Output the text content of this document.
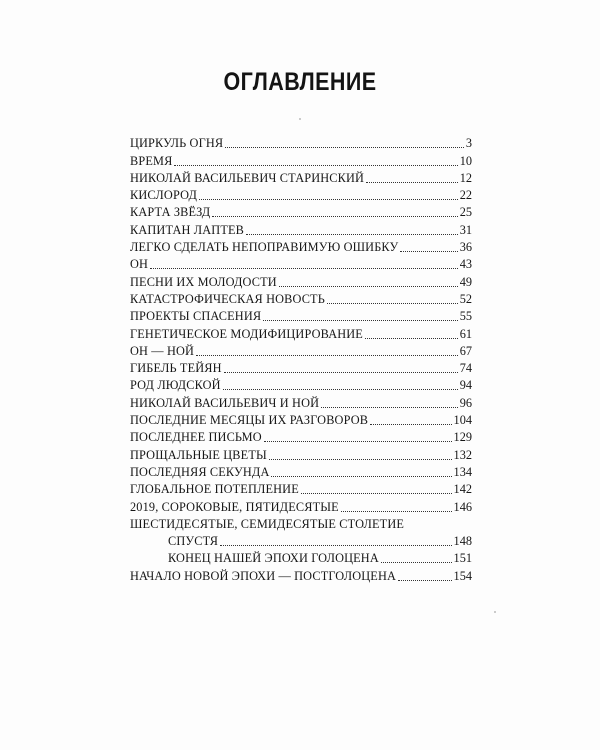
ОГЛАВЛЕНИЕ
ЦИРКУЛЬ ОГНЯ	3
ВРЕМЯ	10
НИКОЛАЙ ВАСИЛЬЕВИЧ СТАРИНСКИЙ	12
КИСЛОРОД	22
КАРТА ЗВЁЗД	25
КАПИТАН ЛАПТЕВ	31
ЛЕГКО СДЕЛАТЬ НЕПОПРАВИМУЮ ОШИБКУ	36
ОН	43
ПЕСНИ ИХ МОЛОДОСТИ	49
КАТАСТРОФИЧЕСКАЯ НОВОСТЬ	52
ПРОЕКТЫ СПАСЕНИЯ	55
ГЕНЕТИЧЕСКОЕ МОДИФИЦИРОВАНИЕ	61
ОН — НОЙ	67
ГИБЕЛЬ ТЕЙЯН	74
РОД ЛЮДСКОЙ	94
НИКОЛАЙ ВАСИЛЬЕВИЧ И НОЙ	96
ПОСЛЕДНИЕ МЕСЯЦЫ ИХ РАЗГОВОРОВ	104
ПОСЛЕДНЕЕ ПИСЬМО	129
ПРОЩАЛЬНЫЕ ЦВЕТЫ	132
ПОСЛЕДНЯЯ СЕКУНДА	134
ГЛОБАЛЬНОЕ ПОТЕПЛЕНИЕ	142
2019, СОРОКОВЫЕ, ПЯТИДЕСЯТЫЕ	146
ШЕСТИДЕСЯТЫЕ, СЕМИДЕСЯТЫЕ СТОЛЕТИЕ
СПУСТЯ	148
КОНЕЦ НАШЕЙ ЭПОХИ ГОЛОЦЕНА	151
НАЧАЛО НОВОЙ ЭПОХИ — ПОСТГОЛОЦЕНА	154
